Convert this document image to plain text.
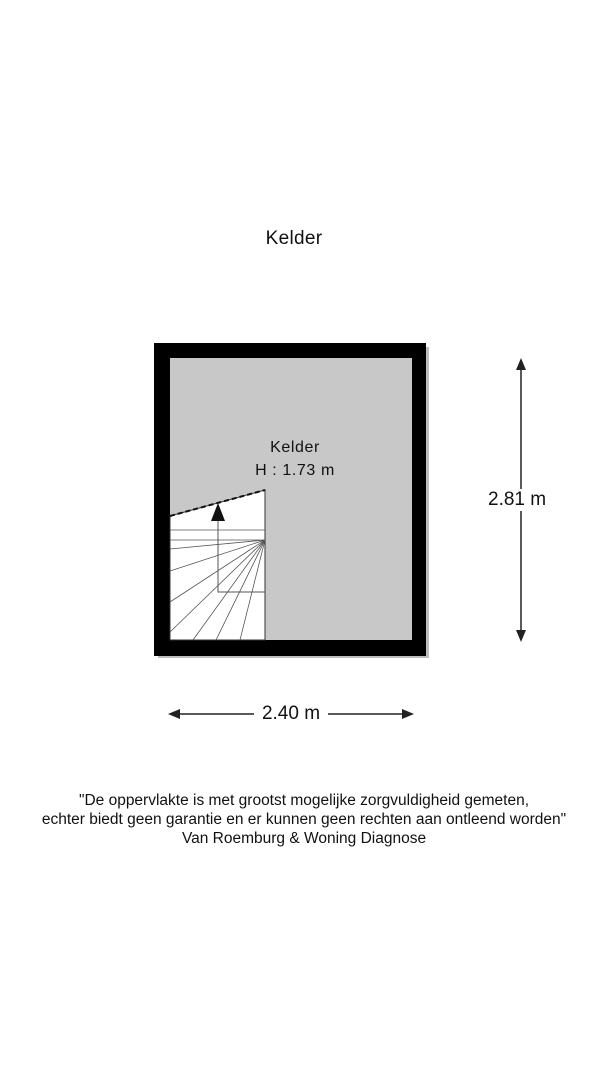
Kelder
Kelder
H : 1.73 m
2.81 m
2.40 m
"De oppervlakte is met grootst mogelijke zorgvuldigheid gemeten,
echter biedt geen garantie en er kunnen geen rechten aan ontleend worden"
Van Roemburg & Woning Diagnose
